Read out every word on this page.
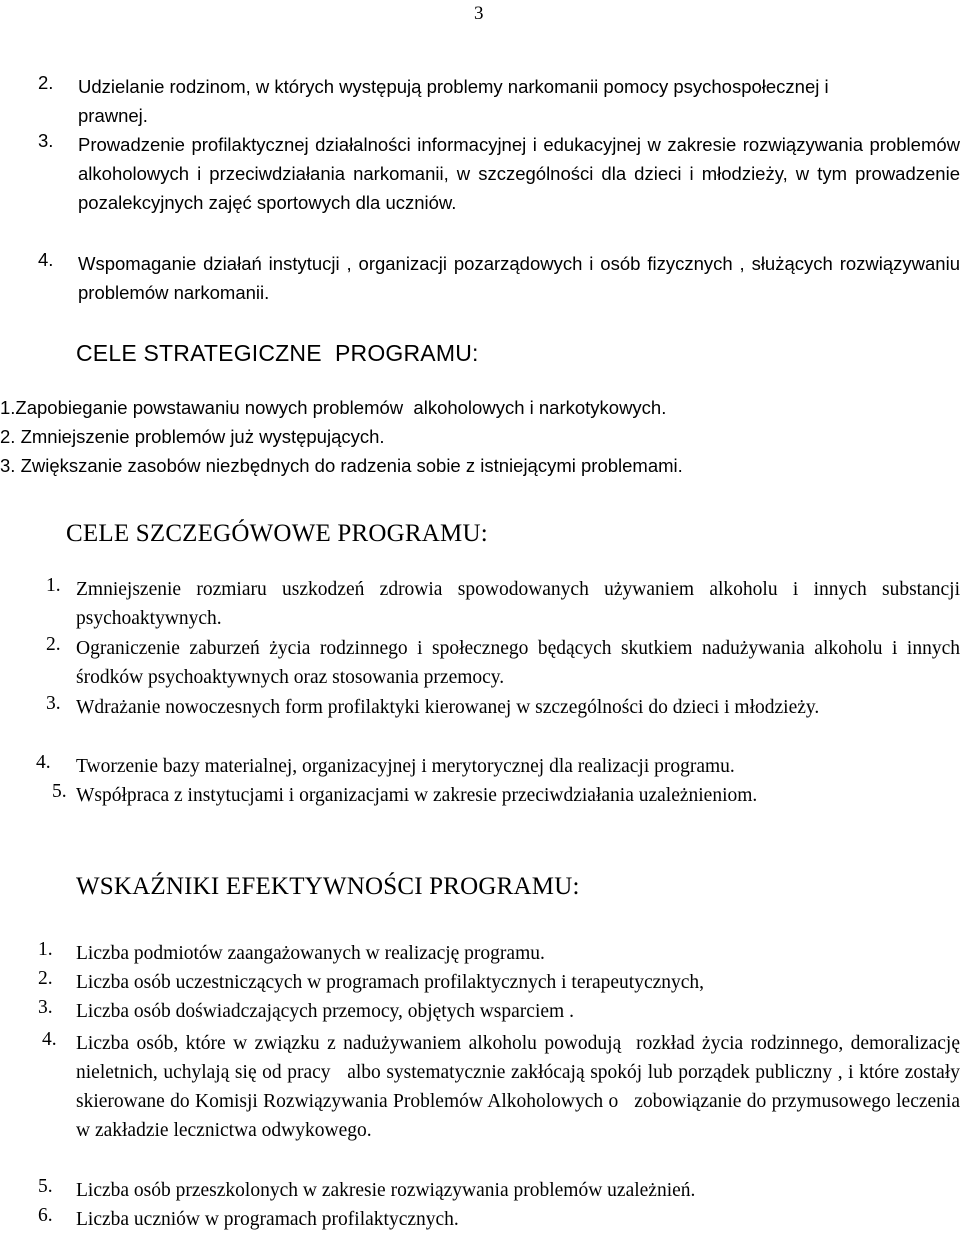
3
2.	Udzielanie rodzinom, w których występują problemy narkomanii pomocy psychospołecznej i prawnej.
3.	Prowadzenie profilaktycznej działalności informacyjnej i edukacyjnej w zakresie rozwiązywania problemów alkoholowych i przeciwdziałania narkomanii, w szczególności dla dzieci i młodzieży, w tym prowadzenie pozalekcyjnych zajęć sportowych dla uczniów.
4.	Wspomaganie działań instytucji , organizacji pozarządowych i osób fizycznych , służących rozwiązywaniu problemów narkomanii.
CELE STRATEGICZNE  PROGRAMU:
1.Zapobieganie powstawaniu nowych problemów  alkoholowych i narkotykowych.
2. Zmniejszenie problemów już występujących.
3. Zwiększanie zasobów niezbędnych do radzenia sobie z istniejącymi problemami.
CELE SZCZEGÓWOWE PROGRAMU:
1. Zmniejszenie rozmiaru uszkodzeń zdrowia spowodowanych używaniem alkoholu i innych substancji psychoaktywnych.
2. Ograniczenie zaburzeń życia rodzinnego i społecznego będących skutkiem nadużywania alkoholu i innych środków psychoaktywnych oraz stosowania przemocy.
3. Wdrażanie nowoczesnych form profilaktyki kierowanej w szczególności do dzieci i młodzieży.
4.	Tworzenie bazy materialnej, organizacyjnej i merytorycznej dla realizacji programu.
5. Współpraca z instytucjami i organizacjami w zakresie przeciwdziałania uzależnieniom.
WSKAŹNIKI EFEKTYWNOŚCI PROGRAMU:
1.	Liczba podmiotów zaangażowanych w realizację programu.
2.	Liczba osób uczestniczących w programach profilaktycznych i terapeutycznych,
3.	Liczba osób doświadczających przemocy, objętych wsparciem .
4. Liczba osób, które w związku z nadużywaniem alkoholu powodują  rozkład życia rodzinnego, demoralizację nieletnich, uchylają się od pracy   albo systematycznie zakłócają spokój lub porządek publiczny , i które zostały skierowane do Komisji Rozwiązywania Problemów Alkoholowych o   zobowiązanie do przymusowego leczenia w zakładzie lecznictwa odwykowego.
5.	Liczba osób przeszkolonych w zakresie rozwiązywania problemów uzależnień.
6.	Liczba uczniów w programach profilaktycznych.
